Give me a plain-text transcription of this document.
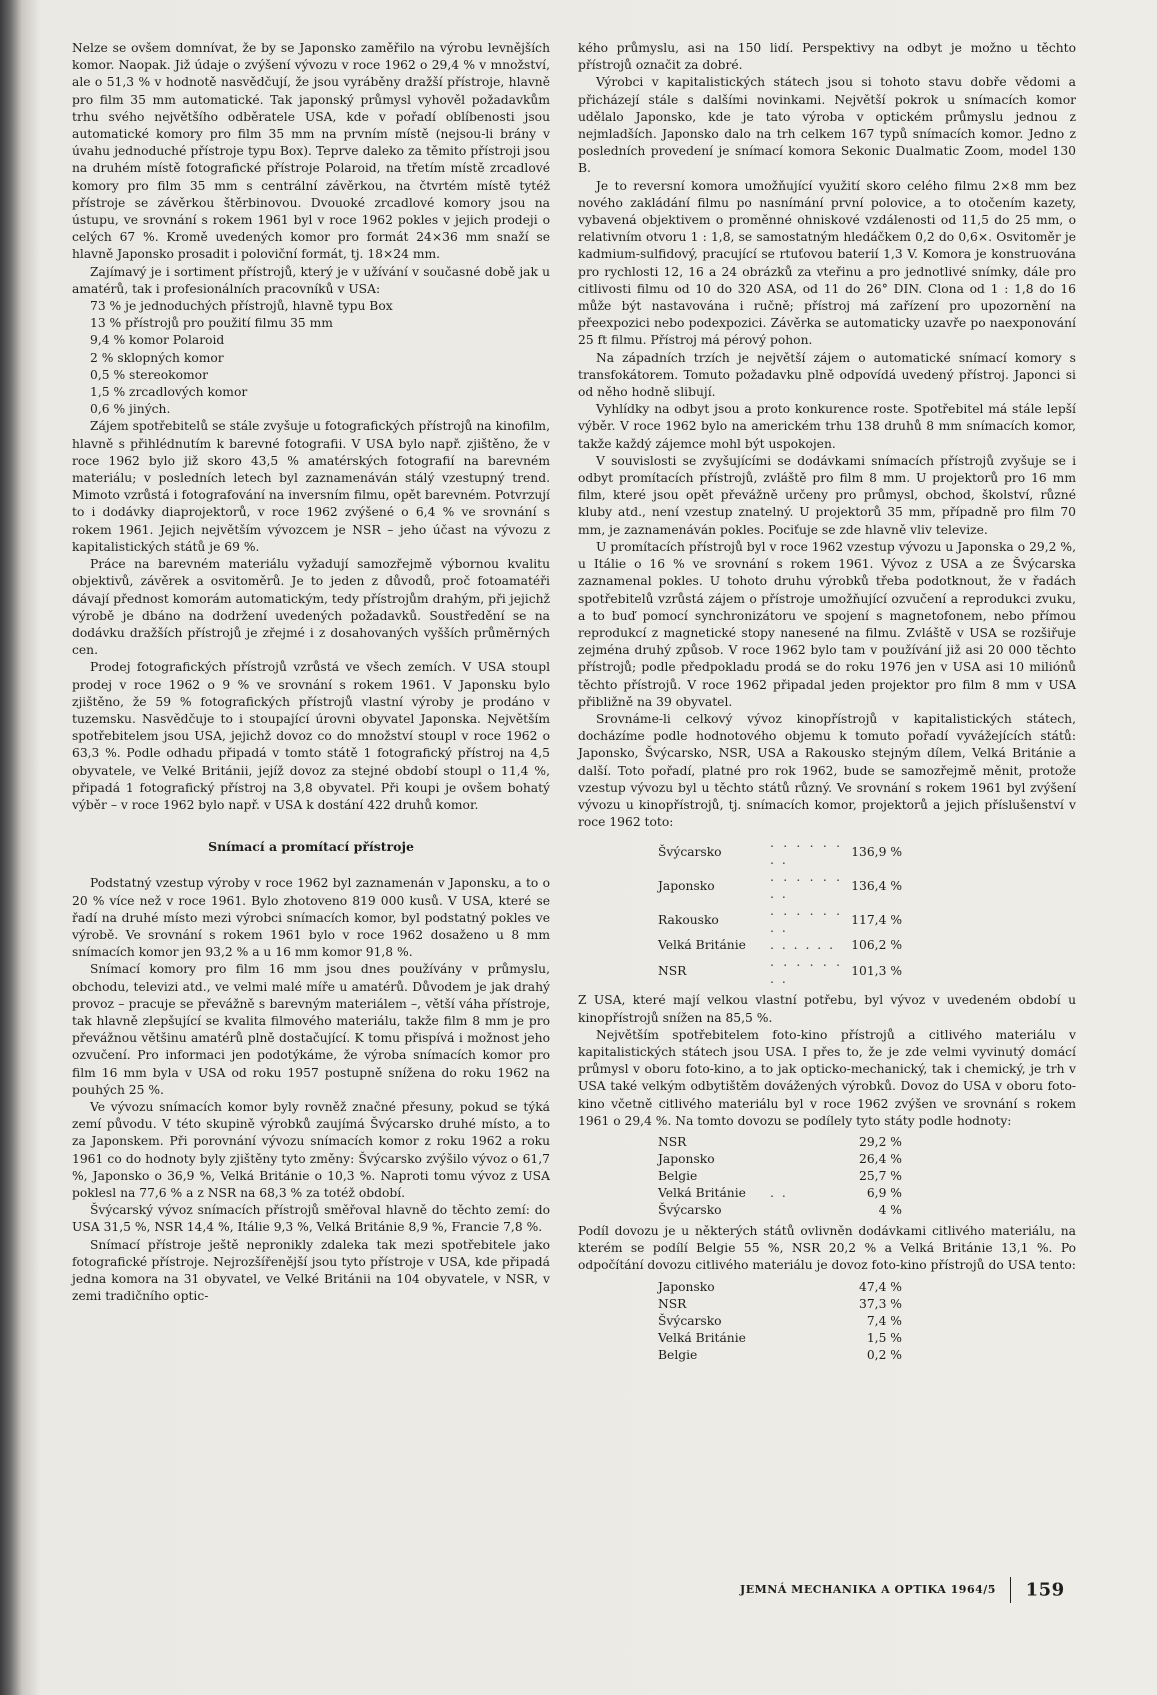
Nelze se ovšem domnívat, že by se Japonsko zaměřilo na výrobu levnějších komor. Naopak. Již údaje o zvýšení vývozu v roce 1962 o 29,4 % v množství, ale o 51,3 % v hodnotě nasvědčují, že jsou vyráběny dražší přístroje, hlavně pro film 35 mm automatické. Tak japonský průmysl vyhověl požadavkům trhu svého největšího odběratele USA, kde v pořadí oblíbenosti jsou automatické komory pro film 35 mm na prvním místě (nejsou-li brány v úvahu jednoduché přístroje typu Box). Teprve daleko za těmito přístroji jsou na druhém místě fotografické přístroje Polaroid, na třetím místě zrcadlové komory pro film 35 mm s centrální závěrkou, na čtvrtém místě tytéž přístroje se závěrkou štěrbinovou. Dvouoké zrcadlové komory jsou na ústupu, ve srovnání s rokem 1961 byl v roce 1962 pokles v jejich prodeji o celých 67 %. Kromě uvedených komor pro formát 24×36 mm snaží se hlavně Japonsko prosadit i poloviční formát, tj. 18×24 mm.

Zajímavý je i sortiment přístrojů, který je v užívání v současné době jak u amatérů, tak i profesionálních pracovníků v USA:

73 % je jednoduchých přístrojů, hlavně typu Box
13 % přístrojů pro použití filmu 35 mm
9,4 % komor Polaroid
2 % sklopných komor
0,5 % stereokomor
1,5 % zrcadlových komor
0,6 % jiných.

Zájem spotřebitelů se stále zvyšuje u fotografických přístrojů na kinofilm, hlavně s přihlédnutím k barevné fotografii. V USA bylo např. zjištěno, že v roce 1962 bylo již skoro 43,5 % amatérských fotografií na barevném materiálu; v posledních letech byl zaznamenáván stálý vzestupný trend. Mimoto vzrůstá i fotografování na inversním filmu, opět barevném. Potvrzují to i dodávky diaprojektorů, v roce 1962 zvýšené o 6,4 % ve srovnání s rokem 1961. Jejich největším vývozcem je NSR – jeho účast na vývozu z kapitalistických států je 69 %.

Práce na barevném materiálu vyžadují samozřejmě výbornou kvalitu objektivů, závěrek a osvitoměrů. Je to jeden z důvodů, proč fotoamatéři dávají přednost komorám automatickým, tedy přístrojům drahým, při jejichž výrobě je dbáno na dodržení uvedených požadavků. Soustředění se na dodávku dražších přístrojů je zřejmé i z dosahovaných vyšších průměrných cen.

Prodej fotografických přístrojů vzrůstá ve všech zemích. V USA stoupl prodej v roce 1962 o 9 % ve srovnání s rokem 1961. V Japonsku bylo zjištěno, že 59 % fotografických přístrojů vlastní výroby je prodáno v tuzemsku. Nasvědčuje to i stoupající úrovni obyvatel Japonska. Největším spotřebitelem jsou USA, jejichž dovoz co do množství stoupl v roce 1962 o 63,3 %. Podle odhadu připadá v tomto státě 1 fotografický přístroj na 4,5 obyvatele, ve Velké Británii, jejíž dovoz za stejné období stoupl o 11,4 %, připadá 1 fotografický přístroj na 3,8 obyvatel. Při koupi je ovšem bohatý výběr – v roce 1962 bylo např. v USA k dostání 422 druhů komor.

Snímací a promítací přístroje

Podstatný vzestup výroby v roce 1962 byl zaznamenán v Japonsku, a to o 20 % více než v roce 1961. Bylo zhotoveno 819 000 kusů. V USA, které se řadí na druhé místo mezi výrobci snímacích komor, byl podstatný pokles ve výrobě. Ve srovnání s rokem 1961 bylo v roce 1962 dosaženo u 8 mm snímacích komor jen 93,2 % a u 16 mm komor 91,8 %.

Snímací komory pro film 16 mm jsou dnes používány v průmyslu, obchodu, televizi atd., ve velmi malé míře u amatérů. Důvodem je jak drahý provoz – pracuje se převážně s barevným materiálem –, větší váha přístroje, tak hlavně zlepšující se kvalita filmového materiálu, takže film 8 mm je pro převážnou většinu amatérů plně dostačující. K tomu přispívá i možnost jeho ozvučení. Pro informaci jen podotýkáme, že výroba snímacích komor pro film 16 mm byla v USA od roku 1957 postupně snížena do roku 1962 na pouhých 25 %.

Ve vývozu snímacích komor byly rovněž značné přesuny, pokud se týká zemí původu. V této skupině výrobků zaujímá Švýcarsko druhé místo, a to za Japonskem. Při porovnání vývozu snímacích komor z roku 1962 a roku 1961 co do hodnoty byly zjištěny tyto změny: Švýcarsko zvýšilo vývoz o 61,7 %, Japonsko o 36,9 %, Velká Británie o 10,3 %. Naproti tomu vývoz z USA poklesl na 77,6 % a z NSR na 68,3 % za totéž období.

Švýcarský vývoz snímacích přístrojů směřoval hlavně do těchto zemí: do USA 31,5 %, NSR 14,4 %, Itálie 9,3 %, Velká Británie 8,9 %, Francie 7,8 %.

Snímací přístroje ještě nepronikly zdaleka tak mezi spotřebitele jako fotografické přístroje. Nejrozšířenější jsou tyto přístroje v USA, kde připadá jedna komora na 31 obyvatel, ve Velké Británii na 104 obyvatele, v NSR, v zemi tradičního optic-

kého průmyslu, asi na 150 lidí. Perspektivy na odbyt je možno u těchto přístrojů označit za dobré.

Výrobci v kapitalistických státech jsou si tohoto stavu dobře vědomi a přicházejí stále s dalšími novinkami. Největší pokrok u snímacích komor udělalo Japonsko, kde je tato výroba v optickém průmyslu jednou z nejmladších. Japonsko dalo na trh celkem 167 typů snímacích komor. Jedno z posledních provedení je snímací komora Sekonic Dualmatic Zoom, model 130 B.

Je to reversní komora umožňující využití skoro celého filmu 2×8 mm bez nového zakládání filmu po nasnímání první polovice, a to otočením kazety, vybavená objektivem o proměnné ohniskové vzdálenosti od 11,5 do 25 mm, o relativním otvoru 1 : 1,8, se samostatným hledáčkem 0,2 do 0,6×. Osvitoměr je kadmium-sulfidový, pracující se rtuťovou baterií 1,3 V. Komora je konstruována pro rychlosti 12, 16 a 24 obrázků za vteřinu a pro jednotlivé snímky, dále pro citlivosti filmu od 10 do 320 ASA, od 11 do 26° DIN. Clona od 1 : 1,8 do 16 může být nastavována i ručně; přístroj má zařízení pro upozornění na přeexpozici nebo podexpozici. Závěrka se automaticky uzavře po naexponování 25 ft filmu. Přístroj má pérový pohon.

Na západních trzích je největší zájem o automatické snímací komory s transfokátorem. Tomuto požadavku plně odpovídá uvedený přístroj. Japonci si od něho hodně slibují.

Vyhlídky na odbyt jsou a proto konkurence roste. Spotřebitel má stále lepší výběr. V roce 1962 bylo na americkém trhu 138 druhů 8 mm snímacích komor, takže každý zájemce mohl být uspokojen.

V souvislosti se zvyšujícími se dodávkami snímacích přístrojů zvyšuje se i odbyt promítacích přístrojů, zvláště pro film 8 mm. U projektorů pro 16 mm film, které jsou opět převážně určeny pro průmysl, obchod, školství, různé kluby atd., není vzestup znatelný. U projektorů 35 mm, případně pro film 70 mm, je zaznamenáván pokles. Pociťuje se zde hlavně vliv televize.

U promítacích přístrojů byl v roce 1962 vzestup vývozu u Japonska o 29,2 %, u Itálie o 16 % ve srovnání s rokem 1961. Vývoz z USA a ze Švýcarska zaznamenal pokles. U tohoto druhu výrobků třeba podotknout, že v řadách spotřebitelů vzrůstá zájem o přístroje umožňující ozvučení a reprodukci zvuku, a to buď pomocí synchronizátoru ve spojení s magnetofonem, nebo přímou reprodukcí z magnetické stopy nanesené na filmu. Zvláště v USA se rozšiřuje zejména druhý způsob. V roce 1962 bylo tam v používání již asi 20 000 těchto přístrojů; podle předpokladu prodá se do roku 1976 jen v USA asi 10 miliónů těchto přístrojů. V roce 1962 připadal jeden projektor pro film 8 mm v USA přibližně na 39 obyvatel.

Srovnáme-li celkový vývoz kinopřístrojů v kapitalistických státech, docházíme podle hodnotového objemu k tomuto pořadí vyvážejících států: Japonsko, Švýcarsko, NSR, USA a Rakousko stejným dílem, Velká Británie a další. Toto pořadí, platné pro rok 1962, bude se samozřejmě měnit, protože vzestup vývozu byl u těchto států různý. Ve srovnání s rokem 1961 byl zvýšení vývozu u kinopřístrojů, tj. snímacích komor, projektorů a jejich příslušenství v roce 1962 toto:

Švýcarsko	. . . . . . . .	136,9 %
Japonsko	. . . . . . . .	136,4 %
Rakousko	. . . . . . . .	117,4 %
Velká Británie	. . . . . .	106,2 %
NSR	. . . . . . . .	101,3 %

Z USA, které mají velkou vlastní potřebu, byl vývoz v uvedeném období u kinopřístrojů snížen na 85,5 %.

Největším spotřebitelem foto-kino přístrojů a citlivého materiálu v kapitalistických státech jsou USA. I přes to, že je zde velmi vyvinutý domácí průmysl v oboru foto-kino, a to jak opticko-mechanický, tak i chemický, je trh v USA také velkým odbytištěm dovážených výrobků. Dovoz do USA v oboru foto-kino včetně citlivého materiálu byl v roce 1962 zvýšen ve srovnání s rokem 1961 o 29,4 %. Na tomto dovozu se podílely tyto státy podle hodnoty:

NSR		29,2 %
Japonsko		26,4 %
Belgie		25,7 %
Velká Británie	. .	6,9 %
Švýcarsko		4 %

Podíl dovozu je u některých států ovlivněn dodávkami citlivého materiálu, na kterém se podílí Belgie 55 %, NSR 20,2 % a Velká Británie 13,1 %. Po odpočítání dovozu citlivého materiálu je dovoz foto-kino přístrojů do USA tento:

Japonsko		47,4 %
NSR		37,3 %
Švýcarsko		7,4 %
Velká Británie		1,5 %
Belgie		0,2 %
JEMNÁ MECHANIKA A OPTIKA 1964/5 159
